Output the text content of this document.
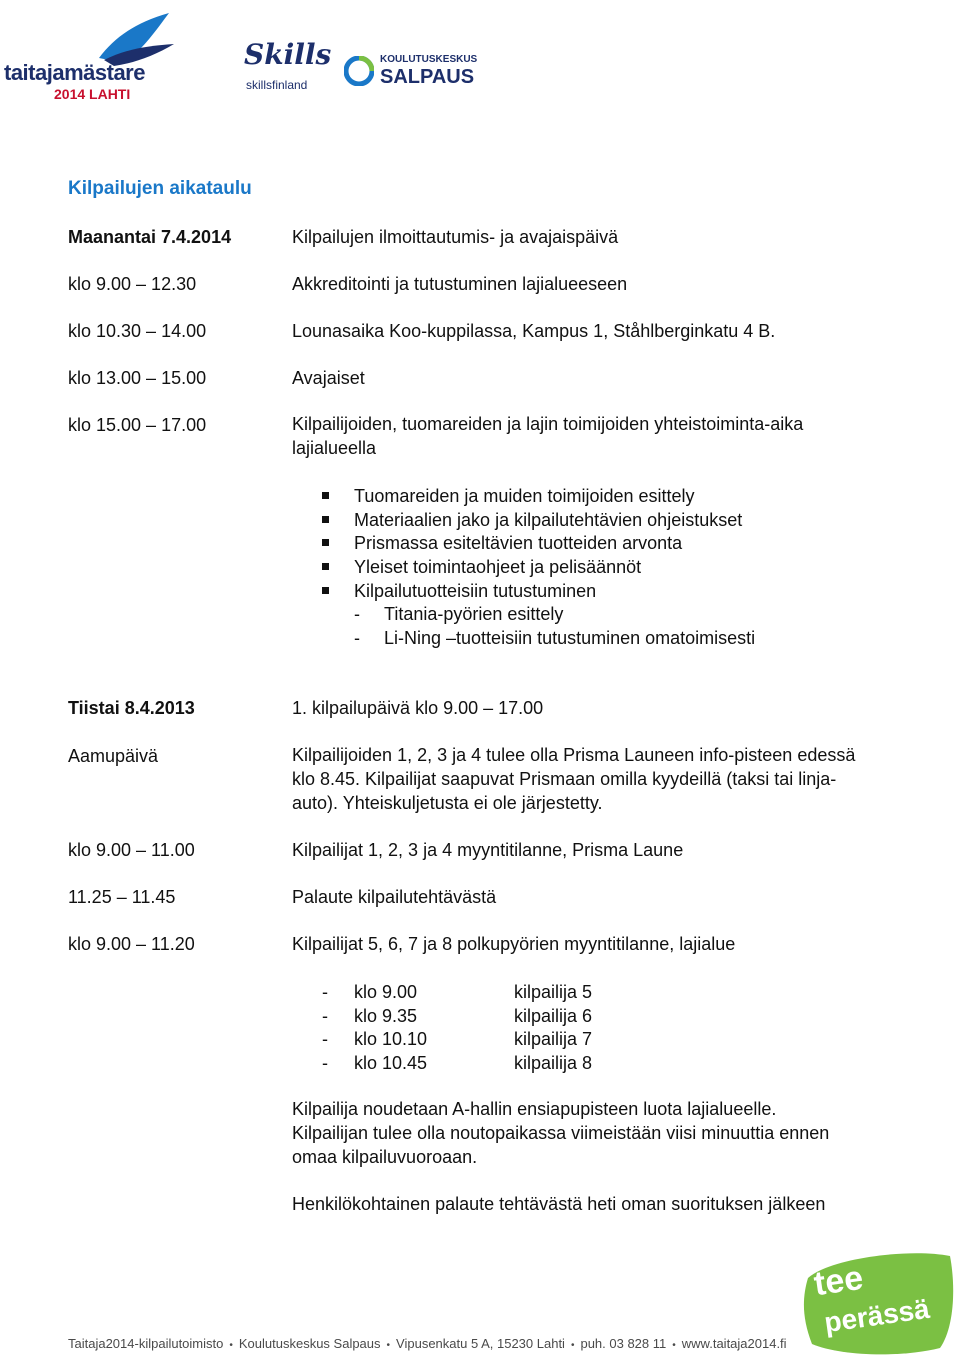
taitajamästare
2014 LAHTI
Skills
skillsfinland
KOULUTUSKESKUS
SALPAUS
Kilpailujen aikataulu
Maanantai 7.4.2014	Kilpailujen ilmoittautumis- ja avajaispäivä
klo 9.00 – 12.30	Akkreditointi ja tutustuminen lajialueeseen
klo 10.30 – 14.00	Lounasaika Koo-kuppilassa, Kampus 1, Ståhlberginkatu 4 B.
klo 13.00 – 15.00	Avajaiset
klo 15.00 – 17.00	Kilpailijoiden, tuomareiden ja lajin toimijoiden yhteistoiminta-aika lajialueella
Tuomareiden ja muiden toimijoiden esittely
Materiaalien jako ja kilpailutehtävien ohjeistukset
Prismassa esiteltävien tuotteiden arvonta
Yleiset toimintaohjeet ja pelisäännöt
Kilpailutuotteisiin tutustuminen
- Titania-pyörien esittely
- Li-Ning –tuotteisiin tutustuminen omatoimisesti
Tiistai 8.4.2013	1. kilpailupäivä klo 9.00 – 17.00
Aamupäivä	Kilpailijoiden 1, 2, 3 ja 4 tulee olla Prisma Launeen info-pisteen edessä klo 8.45. Kilpailijat saapuvat Prismaan omilla kyydeillä (taksi tai linja-auto). Yhteiskuljetusta ei ole järjestetty.
klo 9.00 – 11.00	Kilpailijat 1, 2, 3 ja 4 myyntitilanne, Prisma Laune
11.25 – 11.45	Palaute kilpailutehtävästä
klo 9.00 – 11.20	Kilpailijat 5, 6, 7 ja 8 polkupyörien myyntitilanne, lajialue
- klo 9.00	kilpailija 5
- klo 9.35	kilpailija 6
- klo 10.10	kilpailija 7
- klo 10.45	kilpailija 8
Kilpailija noudetaan A-hallin ensiapupisteen luota lajialueelle. Kilpailijan tulee olla noutopaikassa viimeistään viisi minuuttia ennen omaa kilpailuvuoroaan.
Henkilökohtainen palaute tehtävästä heti oman suorituksen jälkeen
tee
perässä
Taitaja2014-kilpailutoimisto • Koulutuskeskus Salpaus • Vipusenkatu 5 A, 15230 Lahti • puh. 03 828 11 • www.taitaja2014.fi
